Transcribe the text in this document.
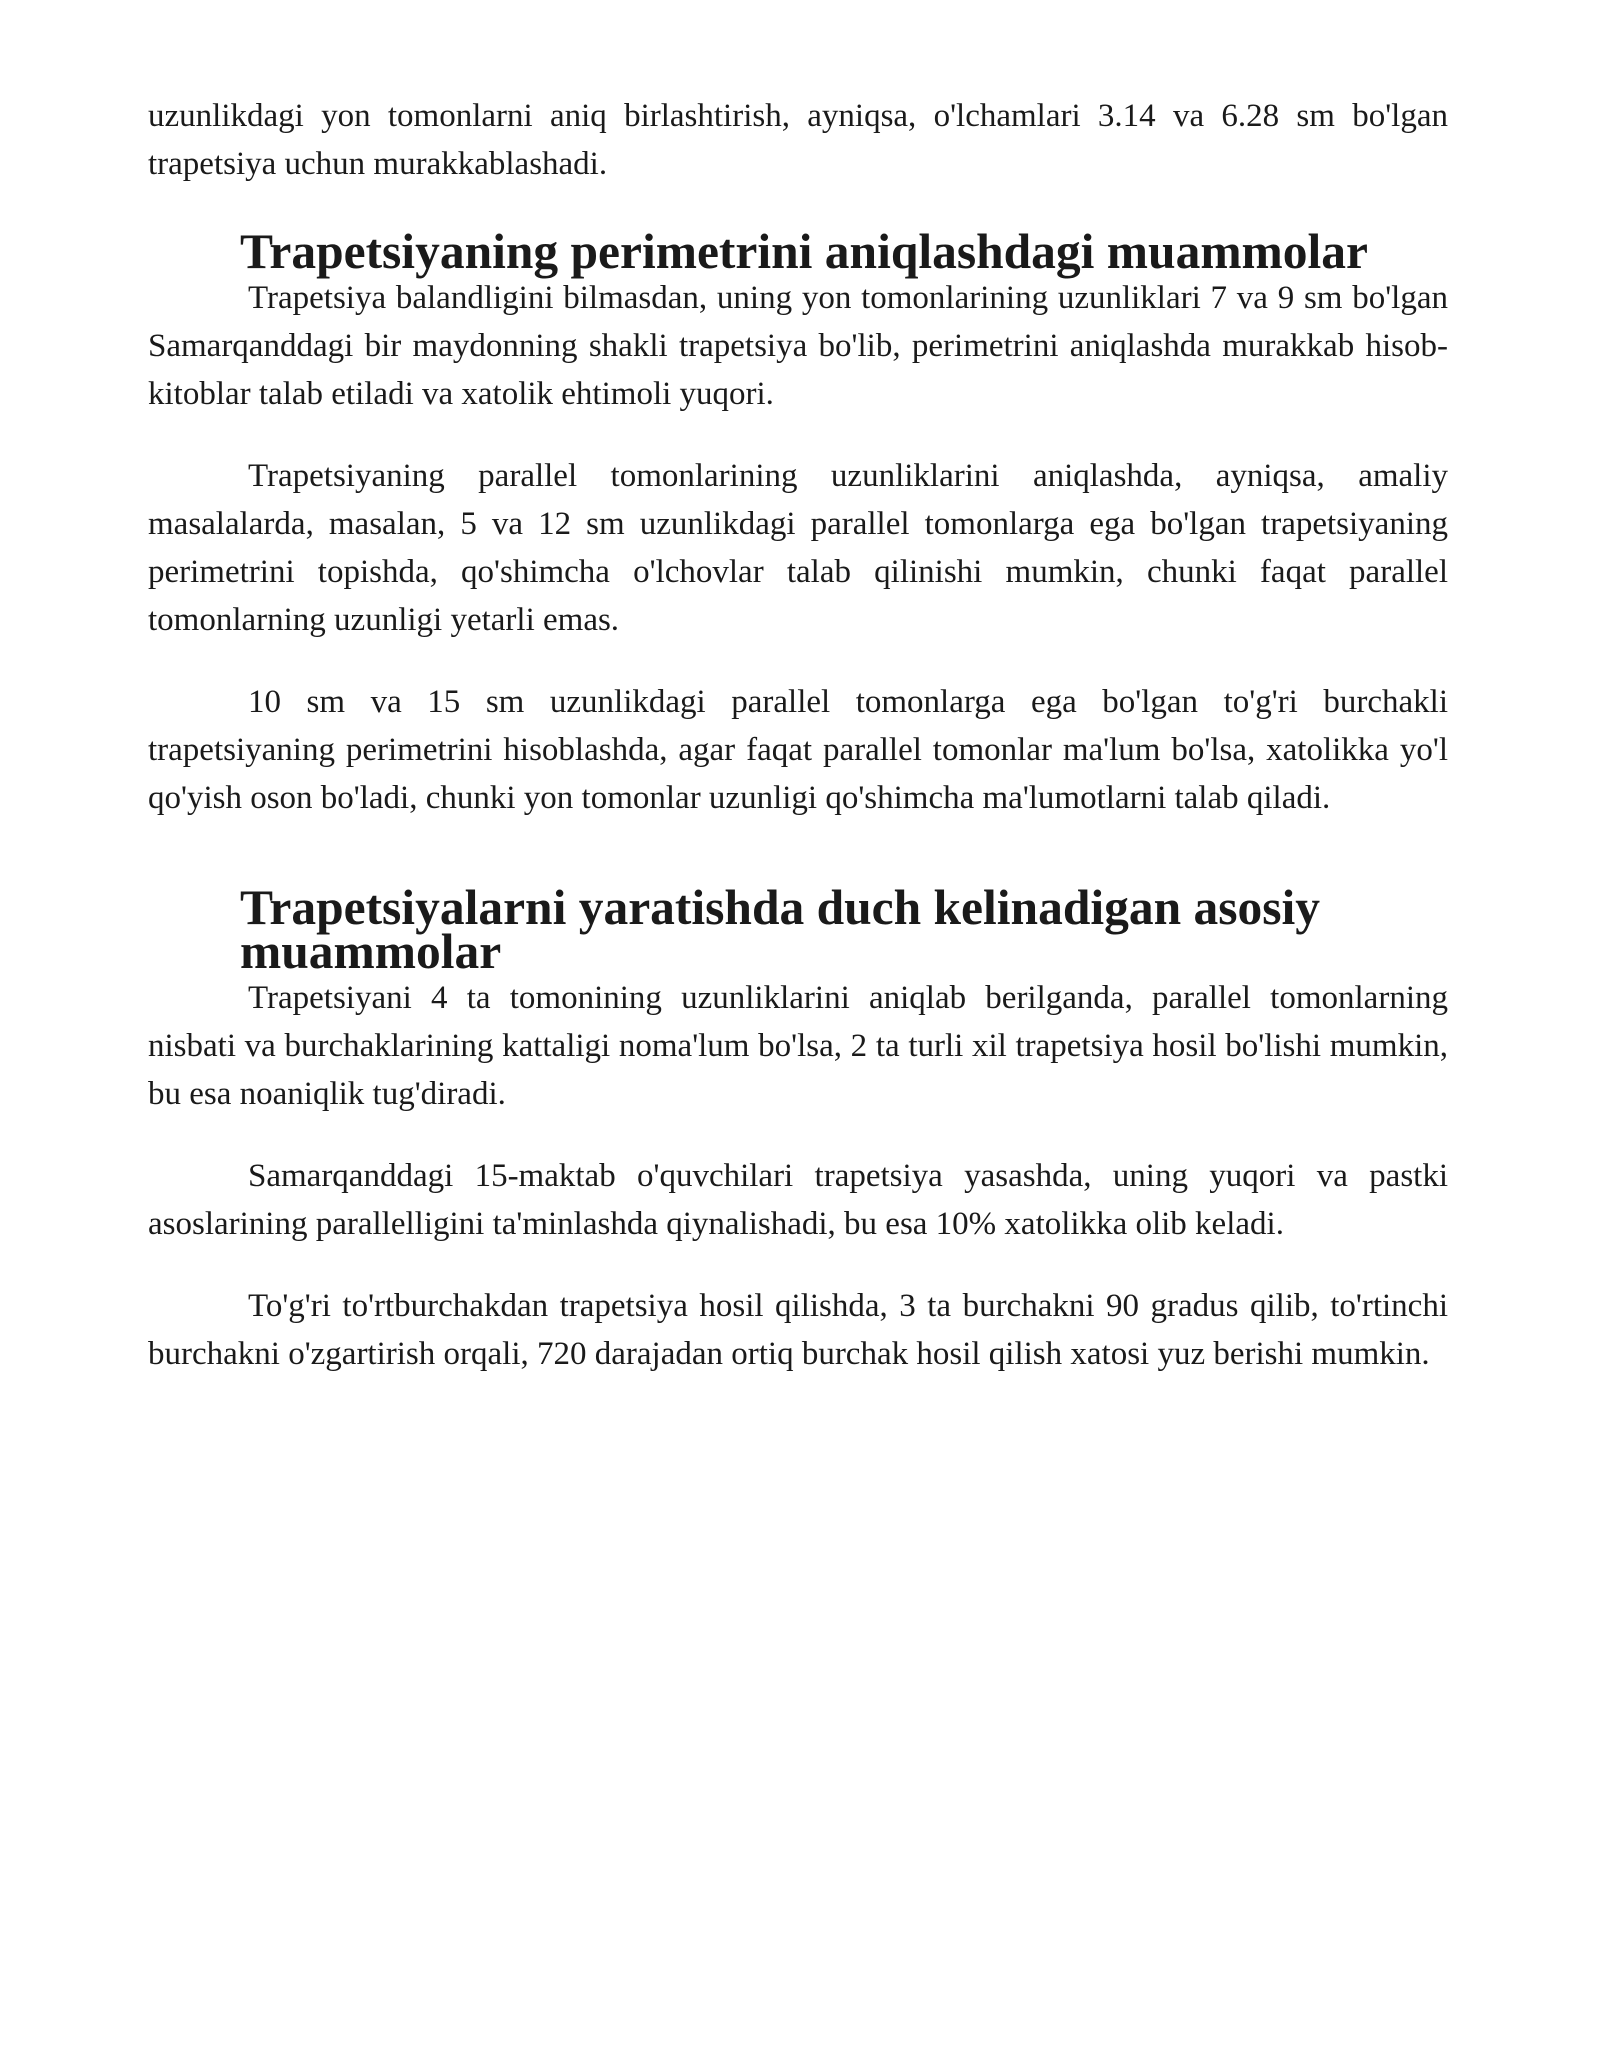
uzunlikdagi yon tomonlarni aniq birlashtirish, ayniqsa, o'lchamlari 3.14 va 6.28 sm bo'lgan trapetsiya uchun murakkablashadi.

Trapetsiyaning perimetrini aniqlashdagi muammolar

Trapetsiya balandligini bilmasdan, uning yon tomonlarining uzunliklari 7 va 9 sm bo'lgan Samarqanddagi bir maydonning shakli trapetsiya bo'lib, perimetrini aniqlashda murakkab hisob-kitoblar talab etiladi va xatolik ehtimoli yuqori.

Trapetsiyaning parallel tomonlarining uzunliklarini aniqlashda, ayniqsa, amaliy masalalarda, masalan, 5 va 12 sm uzunlikdagi parallel tomonlarga ega bo'lgan trapetsiyaning perimetrini topishda, qo'shimcha o'lchovlar talab qilinishi mumkin, chunki faqat parallel tomonlarning uzunligi yetarli emas.

10 sm va 15 sm uzunlikdagi parallel tomonlarga ega bo'lgan to'g'ri burchakli trapetsiyaning perimetrini hisoblashda, agar faqat parallel tomonlar ma'lum bo'lsa, xatolikka yo'l qo'yish oson bo'ladi, chunki yon tomonlar uzunligi qo'shimcha ma'lumotlarni talab qiladi.

Trapetsiyalarni yaratishda duch kelinadigan asosiy muammolar

Trapetsiyani 4 ta tomonining uzunliklarini aniqlab berilganda, parallel tomonlarning nisbati va burchaklarining kattaligi noma'lum bo'lsa, 2 ta turli xil trapetsiya hosil bo'lishi mumkin, bu esa noaniqlik tug'diradi.

Samarqanddagi 15-maktab o'quvchilari trapetsiya yasashda, uning yuqori va pastki asoslarining parallelligini ta'minlashda qiynalishadi, bu esa 10% xatolikka olib keladi.

To'g'ri to'rtburchakdan trapetsiya hosil qilishda, 3 ta burchakni 90 gradus qilib, to'rtinchi burchakni o'zgartirish orqali, 720 darajadan ortiq burchak hosil qilish xatosi yuz berishi mumkin.
